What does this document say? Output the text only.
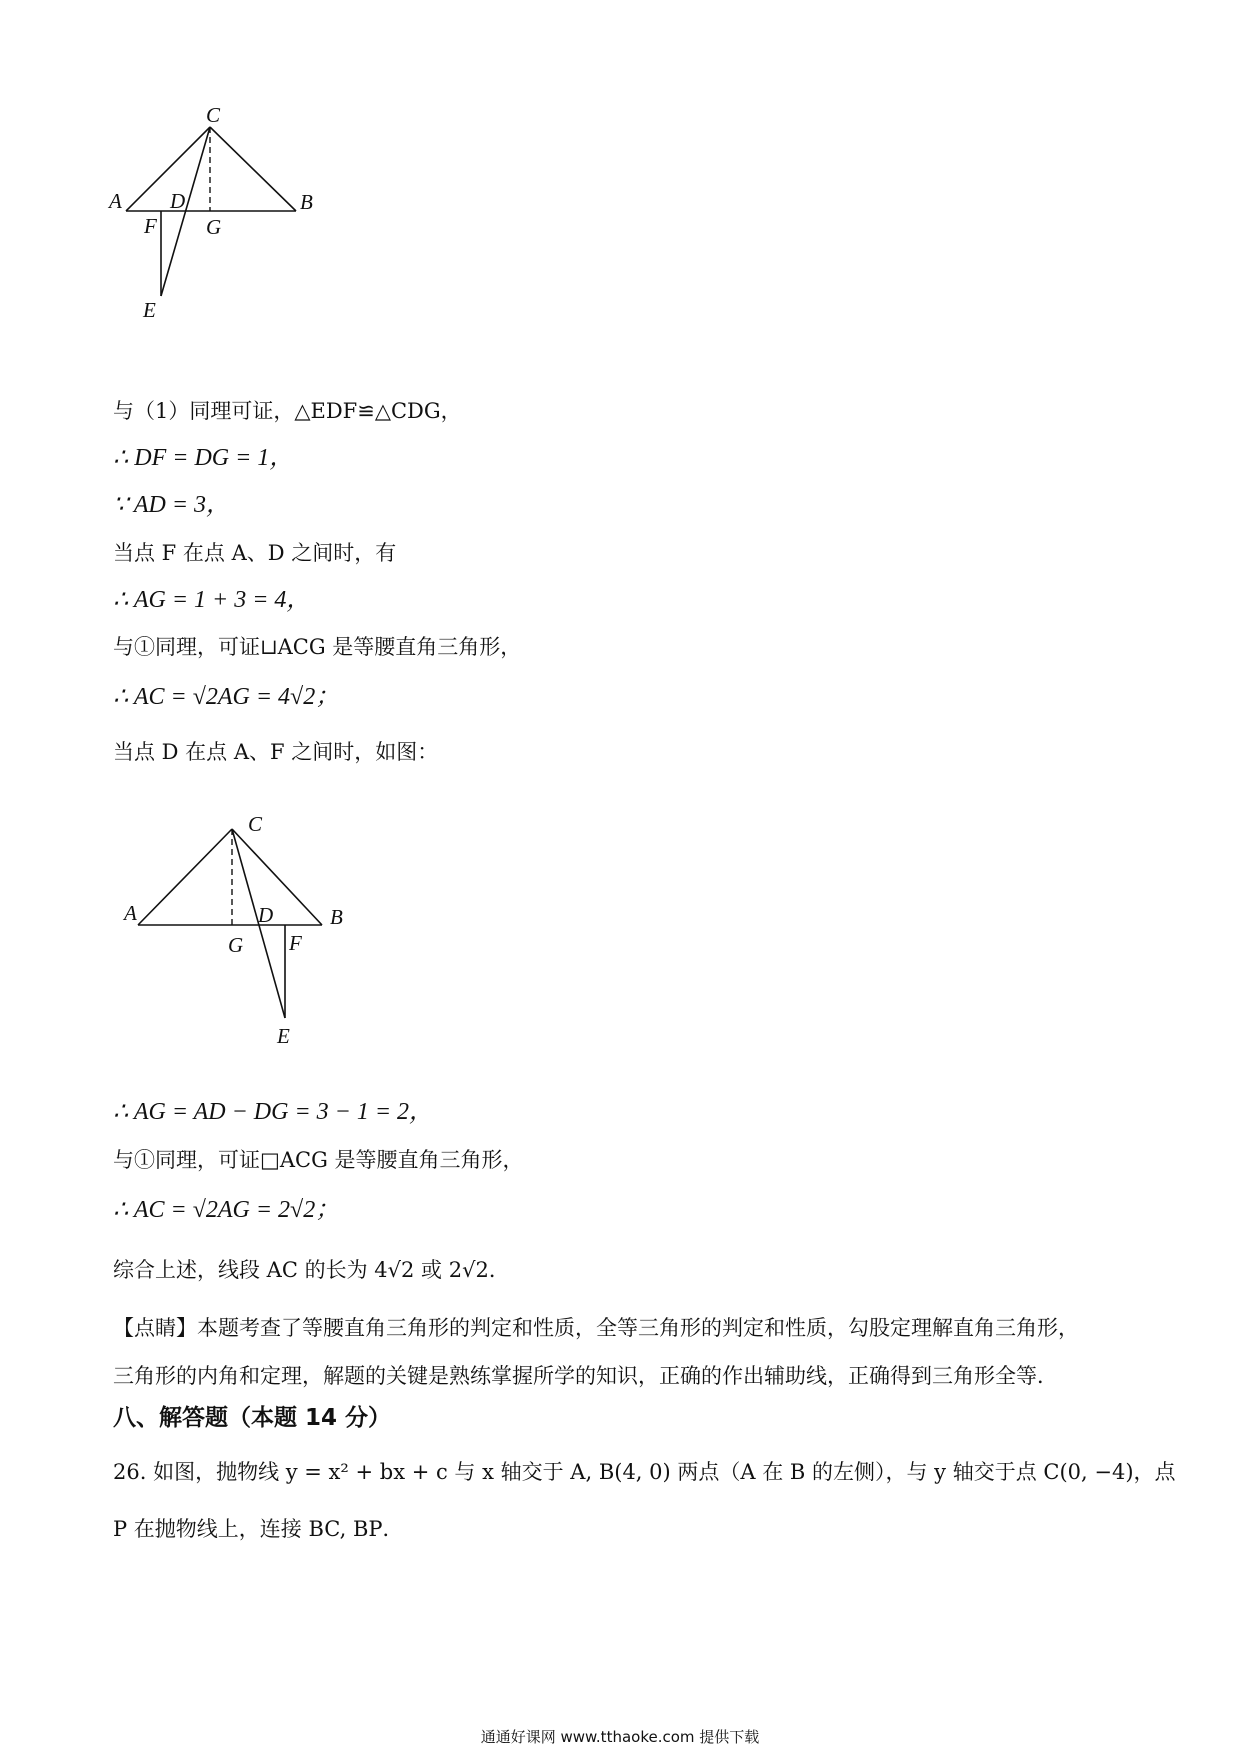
C
A D	B
F G
E
与（1）同理可证，△EDF≌△CDG，
∴ DF = DG = 1，
∵ AD = 3，
当点 F 在点 A、D 之间时，有
∴ AG = 1 + 3 = 4，
与①同理，可证⊔ACG 是等腰直角三角形，
∴ AC = √2AG = 4√2；
当点 D 在点 A、F 之间时，如图：
C
A	D	B
G F
E
∴ AG = AD − DG = 3 − 1 = 2，
与①同理，可证□ACG 是等腰直角三角形，
∴ AC = √2AG = 2√2；
综合上述，线段 AC 的长为 4√2 或 2√2．
【点睛】本题考查了等腰直角三角形的判定和性质，全等三角形的判定和性质，勾股定理解直角三角形，
三角形的内角和定理，解题的关键是熟练掌握所学的知识，正确的作出辅助线，正确得到三角形全等．
八、解答题（本题 14 分）
26. 如图，抛物线 y = x² + bx + c 与 x 轴交于 A, B(4, 0) 两点（A 在 B 的左侧），与 y 轴交于点 C(0, −4)，点
P 在抛物线上，连接 BC, BP．
通通好课网 www.tthaoke.com 提供下载
